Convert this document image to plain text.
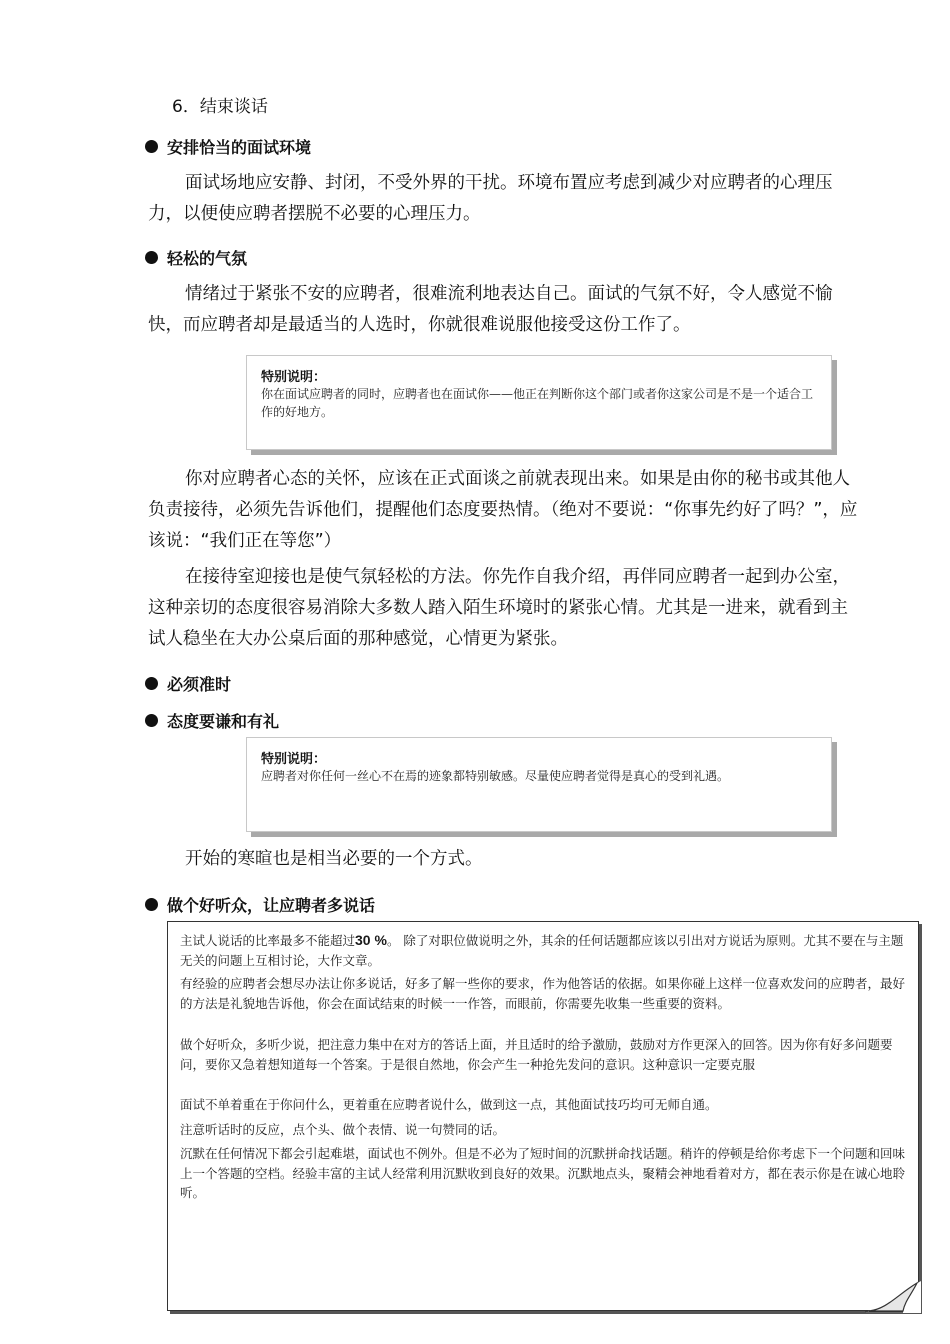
6．结束谈话
安排恰当的面试环境
面试场地应安静、封闭，不受外界的干扰。环境布置应考虑到减少对应聘者的心理压力，以便使应聘者摆脱不必要的心理压力。
轻松的气氛
情绪过于紧张不安的应聘者，很难流利地表达自己。面试的气氛不好，令人感觉不愉快，而应聘者却是最适当的人选时，你就很难说服他接受这份工作了。
特别说明：
你在面试应聘者的同时，应聘者也在面试你——他正在判断你这个部门或者你这家公司是不是一个适合工作的好地方。
你对应聘者心态的关怀，应该在正式面谈之前就表现出来。如果是由你的秘书或其他人负责接待，必须先告诉他们，提醒他们态度要热情。（绝对不要说：“你事先约好了吗？”，应该说：“我们正在等您”）
在接待室迎接也是使气氛轻松的方法。你先作自我介绍，再伴同应聘者一起到办公室，这种亲切的态度很容易消除大多数人踏入陌生环境时的紧张心情。尤其是一进来，就看到主试人稳坐在大办公桌后面的那种感觉，心情更为紧张。
必须准时
态度要谦和有礼
特别说明：
应聘者对你任何一丝心不在焉的迹象都特别敏感。尽量使应聘者觉得是真心的受到礼遇。
开始的寒暄也是相当必要的一个方式。
做个好听众，让应聘者多说话
主试人说话的比率最多不能超过30 %。 除了对职位做说明之外，其余的任何话题都应该以引出对方说话为原则。尤其不要在与主题无关的问题上互相讨论，大作文章。
有经验的应聘者会想尽办法让你多说话，好多了解一些你的要求，作为他答话的依据。如果你碰上这样一位喜欢发问的应聘者，最好的方法是礼貌地告诉他，你会在面试结束的时候一一作答，而眼前，你需要先收集一些重要的资料。
做个好听众，多听少说，把注意力集中在对方的答话上面，并且适时的给予激励，鼓励对方作更深入的回答。因为你有好多问题要问，要你又急着想知道每一个答案。于是很自然地，你会产生一种抢先发问的意识。这种意识一定要克服
面试不单着重在于你问什么，更着重在应聘者说什么，做到这一点，其他面试技巧均可无师自通。
注意听话时的反应，点个头、做个表情、说一句赞同的话。
沉默在任何情况下都会引起难堪，面试也不例外。但是不必为了短时间的沉默拼命找话题。稍许的停顿是给你考虑下一个问题和回味上一个答题的空档。经验丰富的主试人经常利用沉默收到良好的效果。沉默地点头，聚精会神地看着对方，都在表示你是在诚心地聆听。
